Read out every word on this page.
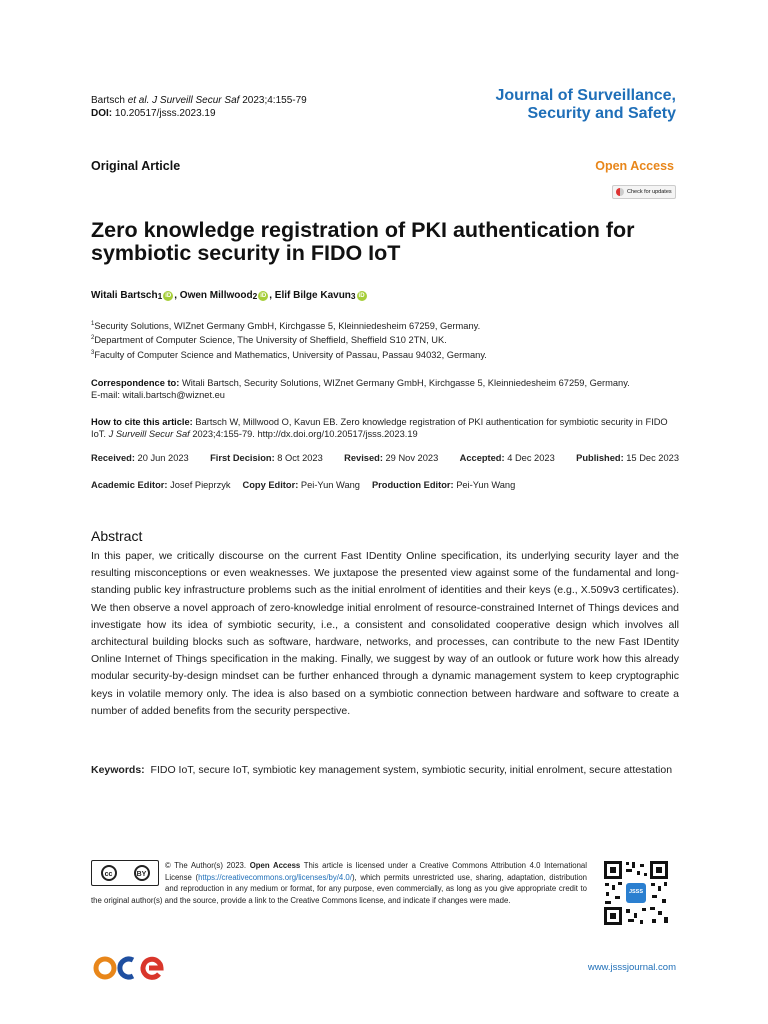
Bartsch et al. J Surveill Secur Saf 2023;4:155-79
DOI: 10.20517/jsss.2023.19
Journal of Surveillance,
Security and Safety
Original Article	Open Access
Check for updates
Zero knowledge registration of PKI authentication for symbiotic security in FIDO IoT
Witali Bartsch 1 iD ,
Owen Millwood 2 iD ,
Elif Bilge Kavun 3 iD
$^1$Security Solutions, WIZnet Germany GmbH, Kirchgasse 5, Kleinniedesheim 67259, Germany.
$^2$Department of Computer Science, The University of Sheffield, Sheffield S10 2TN, UK.
$^3$Faculty of Computer Science and Mathematics, University of Passau, Passau 94032, Germany.
Correspondence to: Witali Bartsch, Security Solutions, WIZnet Germany GmbH, Kirchgasse 5, Kleinniedesheim 67259, Germany.
E-mail: witali.bartsch@wiznet.eu
How to cite this article: Bartsch W, Millwood O, Kavun EB. Zero knowledge registration of PKI authentication for symbiotic security in FIDO IoT. J Surveill Secur Saf 2023;4:155-79. http://dx.doi.org/10.20517/jsss.2023.19
Received: 20 Jun 2023 First Decision: 8 Oct 2023 Revised: 29 Nov 2023 Accepted: 4 Dec 2023 Published: 15 Dec 2023
Academic Editor: Josef Pieprzyk Copy Editor: Pei-Yun Wang Production Editor: Pei-Yun Wang
Abstract
In this paper, we critically discourse on the current Fast IDentity Online specification, its underlying security layer and the resulting misconceptions or even weaknesses. We juxtapose the presented view against some of the fundamental and long-standing public key infrastructure problems such as the initial enrolment of identities and their keys (e.g., X.509v3 certificates). We then observe a novel approach of zero-knowledge initial enrolment of resource-constrained Internet of Things devices and investigate how its idea of symbiotic security, i.e., a consistent and consolidated cooperative design which involves all architectural building blocks such as software, hardware, networks, and processes, can contribute to the new Fast IDentity Online Internet of Things specification in the making. Finally, we suggest by way of an outlook or future work how this already modular security-by-design mindset can be further enhanced through a dynamic management system to keep cryptographic keys in volatile memory only. The idea is also based on a symbiotic connection between hardware and software to create a number of added benefits from the security perspective.
Keywords: FIDO IoT, secure IoT, symbiotic key management system, symbiotic security, initial enrolment, secure attestation
cc	BY
© The Author(s) 2023. Open Access This article is licensed under a Creative Commons Attribution 4.0 International License (https://creativecommons.org/licenses/by/4.0/), which permits unrestricted use, sharing, adaptation, distribution and reproduction in any medium or format, for any purpose, even commercially, as long as you give appropriate credit to the original author(s) and the source, provide a link to the Creative Commons license, and indicate if changes were made.
JSSS
www.jsssjournal.com
